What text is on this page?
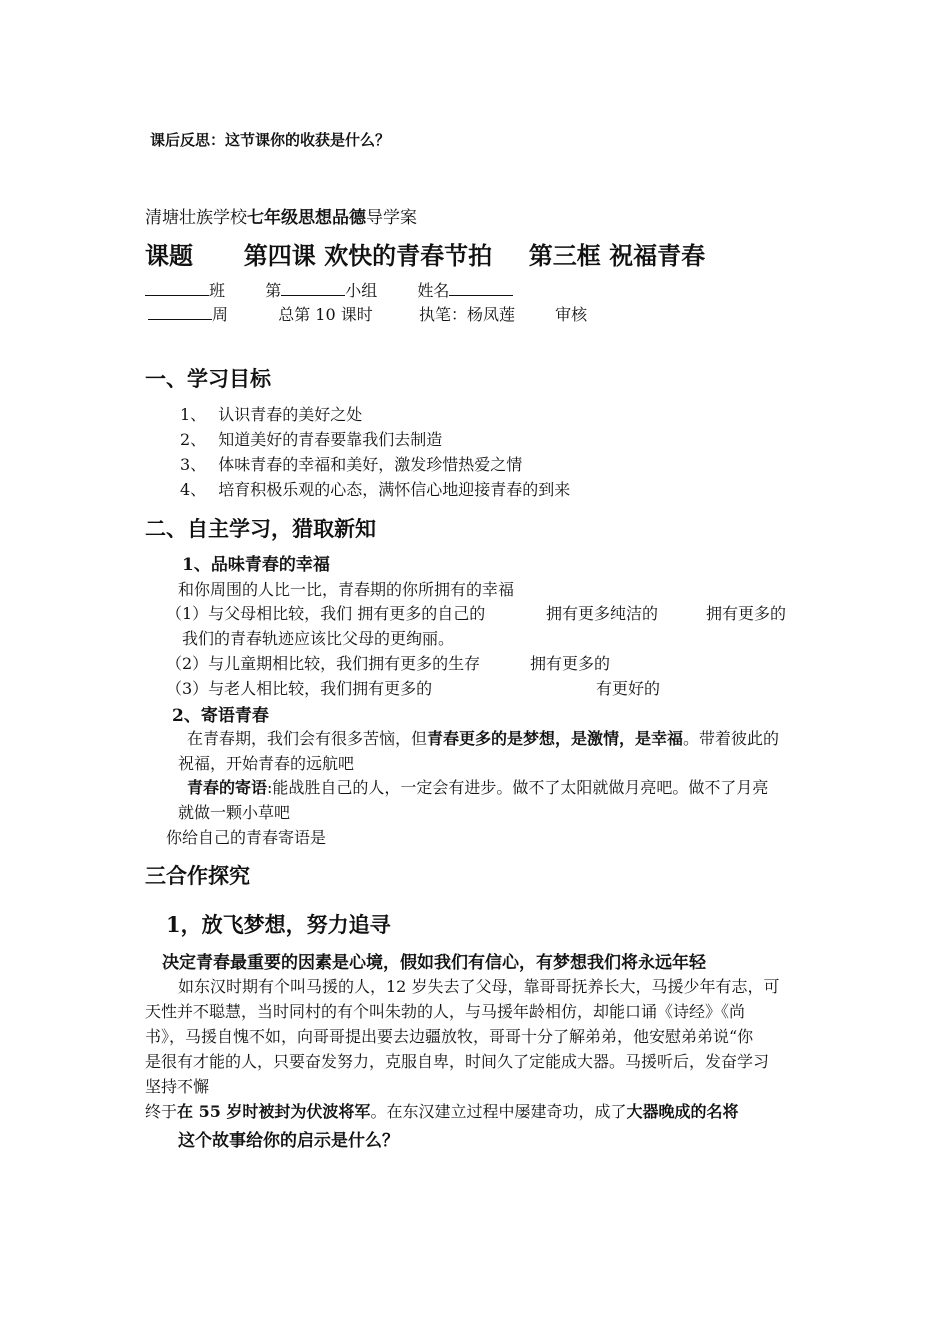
课后反思：这节课你的收获是什么？
清塘壮族学校七年级思想品德导学案
课题 第四课 欢快的青春节拍 第三框 祝福青春
班	第	小组	姓名
周	总第 10 课时	执笔：杨凤莲	审核
一、学习目标
1、 认识青春的美好之处
2、 知道美好的青春要靠我们去制造
3、 体味青春的幸福和美好，激发珍惜热爱之情
4、 培育积极乐观的心态，满怀信心地迎接青春的到来
二、自主学习，猎取新知
1、品味青春的幸福
和你周围的人比一比，青春期的你所拥有的幸福
（1）与父母相比较，我们 拥有更多的自己的	拥有更多纯洁的	拥有更多的
我们的青春轨迹应该比父母的更绚丽。
（2）与儿童期相比较，我们拥有更多的生存	拥有更多的
（3）与老人相比较，我们拥有更多的	有更好的
2、寄语青春
在青春期，我们会有很多苦恼，但青春更多的是梦想，是激情，是幸福。带着彼此的
祝福，开始青春的远航吧
青春的寄语:能战胜自己的人，一定会有进步。做不了太阳就做月亮吧。做不了月亮
就做一颗小草吧
你给自己的青春寄语是
三合作探究
1，放飞梦想，努力追寻
决定青春最重要的因素是心境，假如我们有信心，有梦想我们将永远年轻
如东汉时期有个叫马援的人，12 岁失去了父母，靠哥哥抚养长大，马援少年有志，可
天性并不聪慧，当时同村的有个叫朱勃的人，与马援年龄相仿，却能口诵《诗经》《尚
书》，马援自愧不如，向哥哥提出要去边疆放牧，哥哥十分了解弟弟，他安慰弟弟说“你
是很有才能的人，只要奋发努力，克服自卑，时间久了定能成大器。马援听后，发奋学习
坚持不懈
终于在 55 岁时被封为伏波将军。在东汉建立过程中屡建奇功，成了大器晚成的名将
这个故事给你的启示是什么？
